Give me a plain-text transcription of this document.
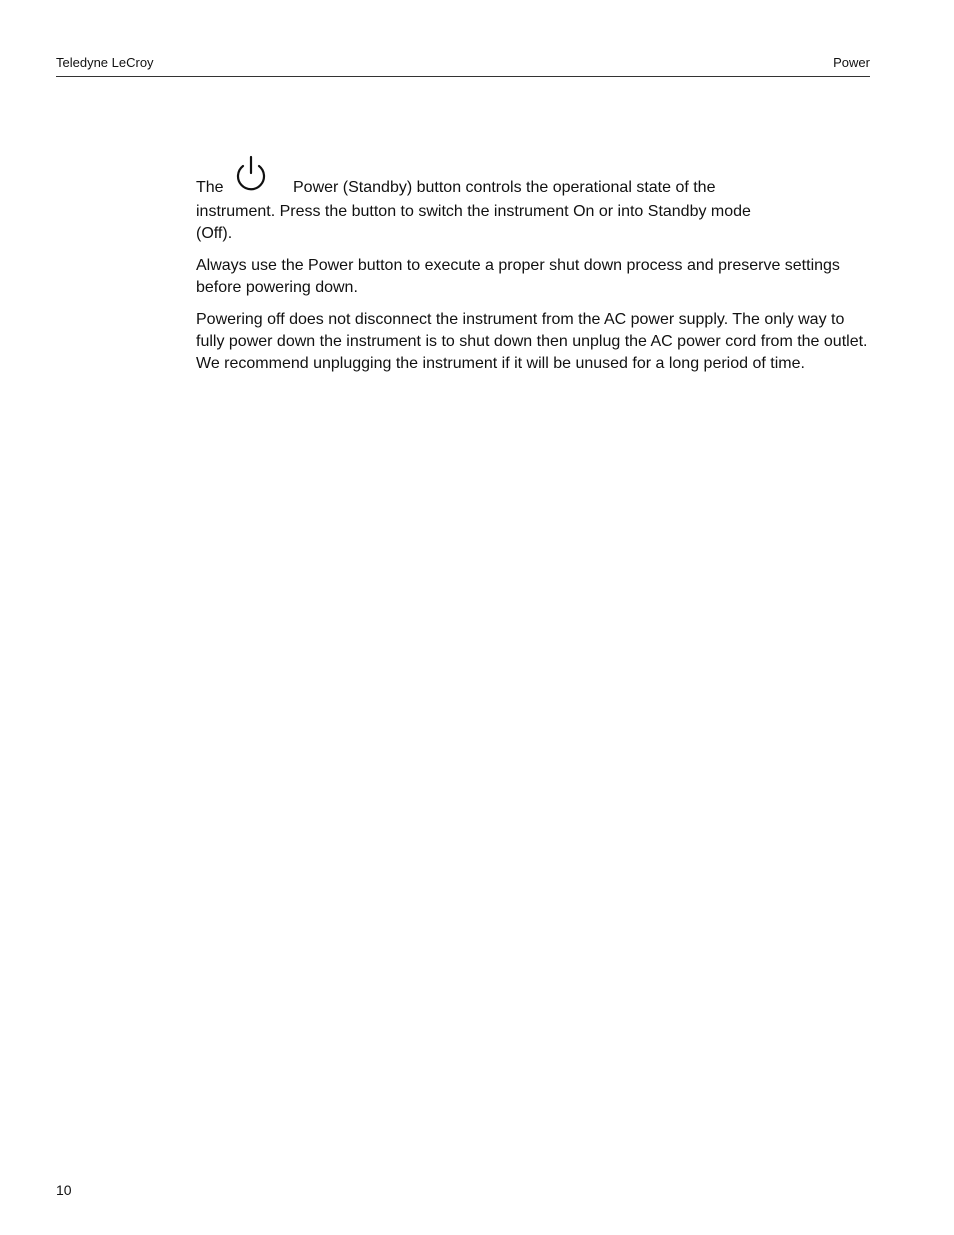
Teledyne LeCroy	Power
The	Power (Standby) button controls the operational state of the
instrument. Press the button to switch the instrument On or into Standby mode
(Off).

Always use the Power button to execute a proper shut down process and preserve settings before powering down.

Powering off does not disconnect the instrument from the AC power supply. The only way to fully power down the instrument is to shut down then unplug the AC power cord from the outlet. We recommend unplugging the instrument if it will be unused for a long period of time.

10
